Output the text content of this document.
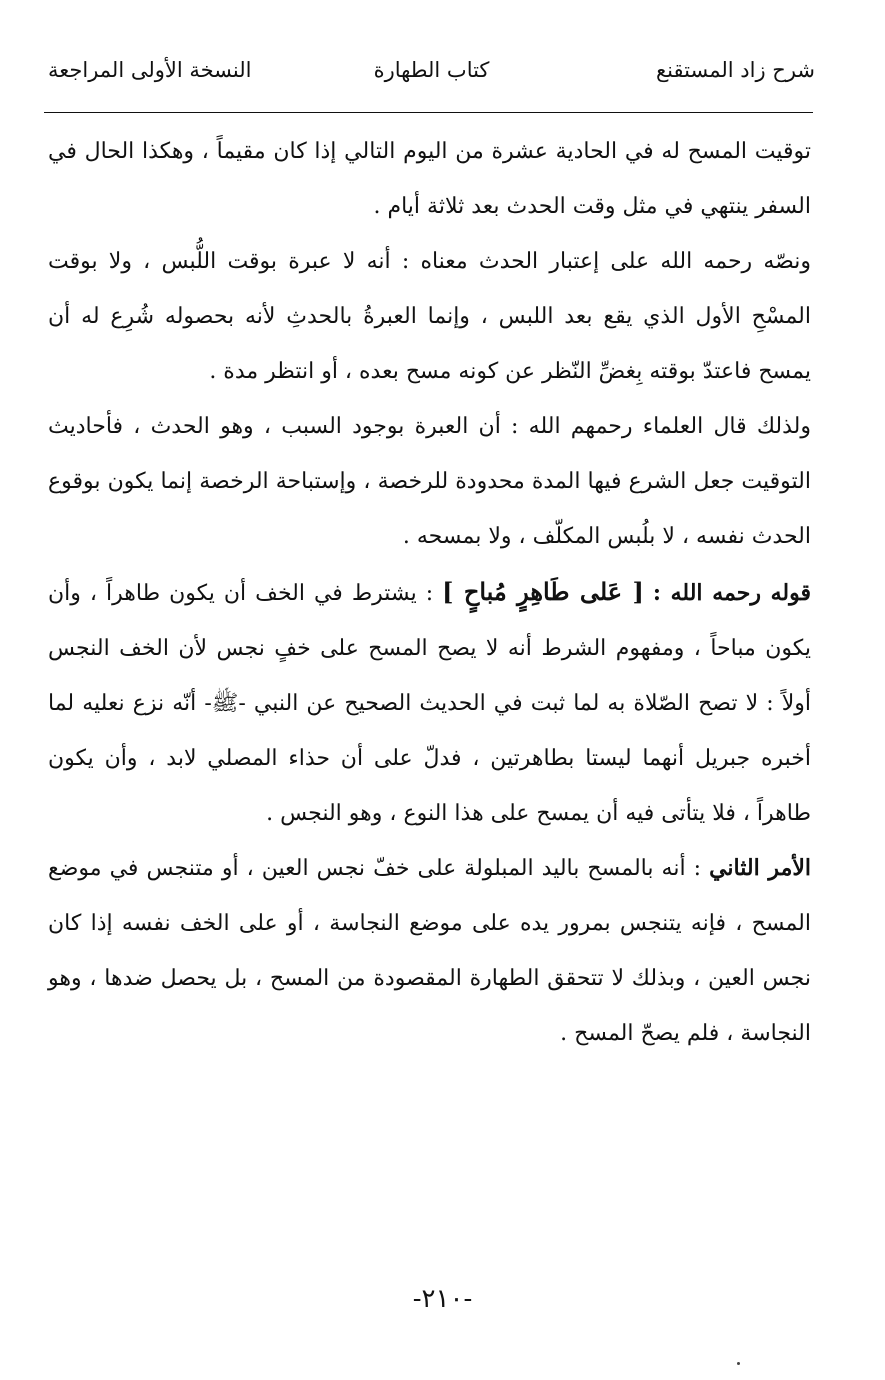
شرح زاد المستقنع
كتاب الطهارة
النسخة الأولى المراجعة

توقيت المسح له في الحادية عشرة من اليوم التالي إذا كان مقيماً ، وهكذا الحال في السفر ينتهي في مثل وقت الحدث بعد ثلاثة أيام .

ونصّه رحمه الله على إعتبار الحدث معناه : أنه لا عبرة بوقت اللُّبس ، ولا بوقت المسْحِ الأول الذي يقع بعد اللبس ، وإنما العبرةُ بالحدثِ لأنه بحصوله شُرِع له أن يمسح فاعتدّ بوقته بِغضِّ النّظر عن كونه مسح بعده ، أو انتظر مدة .

ولذلك قال العلماء رحمهم الله : أن العبرة بوجود السبب ، وهو الحدث ، فأحاديث التوقيت جعل الشرع فيها المدة محدودة للرخصة ، وإستباحة الرخصة إنما يكون بوقوع الحدث نفسه ، لا بلُبس المكلّف ، ولا بمسحه .

قوله رحمه الله : [ عَلى طَاهِرٍ مُباحٍ ] : يشترط في الخف أن يكون طاهراً ، وأن يكون مباحاً ، ومفهوم الشرط أنه لا يصح المسح على خفٍ نجس لأن الخف النجس أولاً : لا تصح الصّلاة به لما ثبت في الحديث الصحيح عن النبي -ﷺ- أنّه نزع نعليه لما أخبره جبريل أنهما ليستا بطاهرتين ، فدلّ على أن حذاء المصلي لابد ، وأن يكون طاهراً ، فلا يتأتى فيه أن يمسح على هذا النوع ، وهو النجس .

الأمر الثاني : أنه بالمسح باليد المبلولة على خفّ نجس العين ، أو متنجس في موضع المسح ، فإنه يتنجس بمرور يده على موضع النجاسة ، أو على الخف نفسه إذا كان نجس العين ، وبذلك لا تتحقق الطهارة المقصودة من المسح ، بل يحصل ضدها ، وهو النجاسة ، فلم يصحّ المسح .

-٢١٠-
